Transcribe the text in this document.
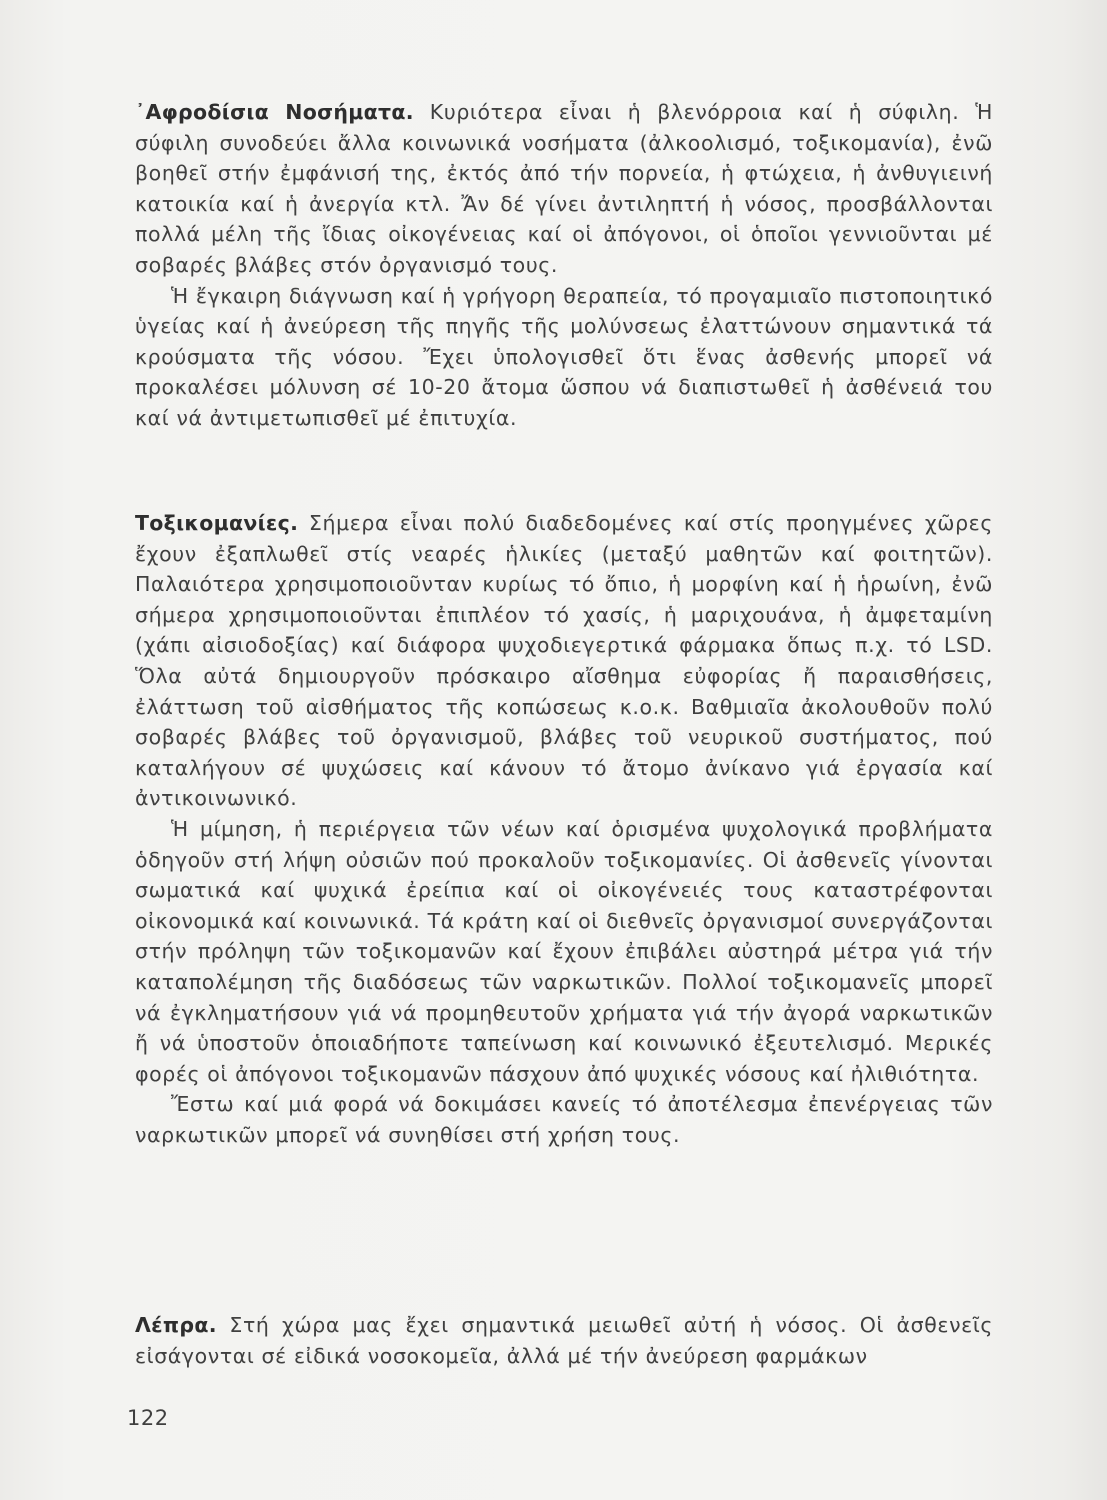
᾿Αφροδίσια Νοσήματα. Κυριότερα εἶναι ἡ βλενόρροια καί ἡ σύφιλη. Ἡ σύφιλη συνοδεύει ἄλλα κοινωνικά νοσήματα (ἀλκοολισμό, τοξικομανία), ἐνῶ βοηθεῖ στήν ἐμφάνισή της, ἐκτός ἀπό τήν πορνεία, ἡ φτώχεια, ἡ ἀνθυγιεινή κατοικία καί ἡ ἀνεργία κτλ. Ἄν δέ γίνει ἀντιληπτή ἡ νόσος, προσβάλλονται πολλά μέλη τῆς ἴδιας οἰκογένειας καί οἱ ἀπόγονοι, οἱ ὁποῖοι γεννιοῦνται μέ σοβαρές βλάβες στόν ὀργανισμό τους.

Ἡ ἔγκαιρη διάγνωση καί ἡ γρήγορη θεραπεία, τό προγαμιαῖο πιστοποιητικό ὑγείας καί ἡ ἀνεύρεση τῆς πηγῆς τῆς μολύνσεως ἐλαττώνουν σημαντικά τά κρούσματα τῆς νόσου. Ἔχει ὑπολογισθεῖ ὅτι ἕνας ἀσθενής μπορεῖ νά προκαλέσει μόλυνση σέ 10-20 ἄτομα ὥσπου νά διαπιστωθεῖ ἡ ἀσθένειά του καί νά ἀντιμετωπισθεῖ μέ ἐπιτυχία.

Τοξικομανίες. Σήμερα εἶναι πολύ διαδεδομένες καί στίς προηγμένες χῶρες ἔχουν ἐξαπλωθεῖ στίς νεαρές ἡλικίες (μεταξύ μαθητῶν καί φοιτητῶν). Παλαιότερα χρησιμοποιοῦνταν κυρίως τό ὄπιο, ἡ μορφίνη καί ἡ ἡρωίνη, ἐνῶ σήμερα χρησιμοποιοῦνται ἐπιπλέον τό χασίς, ἡ μαριχουάνα, ἡ ἀμφεταμίνη (χάπι αἰσιοδοξίας) καί διάφορα ψυχοδιεγερτικά φάρμακα ὅπως π.χ. τό LSD. Ὅλα αὐτά δημιουργοῦν πρόσκαιρο αἴσθημα εὐφορίας ἤ παραισθήσεις, ἐλάττωση τοῦ αἰσθήματος τῆς κοπώσεως κ.ο.κ. Βαθμιαῖα ἀκολουθοῦν πολύ σοβαρές βλάβες τοῦ ὀργανισμοῦ, βλάβες τοῦ νευρικοῦ συστήματος, πού καταλήγουν σέ ψυχώσεις καί κάνουν τό ἄτομο ἀνίκανο γιά ἐργασία καί ἀντικοινωνικό.

Ἡ μίμηση, ἡ περιέργεια τῶν νέων καί ὁρισμένα ψυχολογικά προβλήματα ὁδηγοῦν στή λήψη οὐσιῶν πού προκαλοῦν τοξικομανίες. Οἱ ἀσθενεῖς γίνονται σωματικά καί ψυχικά ἐρείπια καί οἱ οἰκογένειές τους καταστρέφονται οἰκονομικά καί κοινωνικά. Τά κράτη καί οἱ διεθνεῖς ὀργανισμοί συνεργάζονται στήν πρόληψη τῶν τοξικομανῶν καί ἔχουν ἐπιβάλει αὐστηρά μέτρα γιά τήν καταπολέμηση τῆς διαδόσεως τῶν ναρκωτικῶν. Πολλοί τοξικομανεῖς μπορεῖ νά ἐγκληματήσουν γιά νά προμηθευτοῦν χρήματα γιά τήν ἀγορά ναρκωτικῶν ἤ νά ὑποστοῦν ὁποιαδήποτε ταπείνωση καί κοινωνικό ἐξευτελισμό. Μερικές φορές οἱ ἀπόγονοι τοξικομανῶν πάσχουν ἀπό ψυχικές νόσους καί ἠλιθιότητα.

Ἔστω καί μιά φορά νά δοκιμάσει κανείς τό ἀποτέλεσμα ἐπενέργειας τῶν ναρκωτικῶν μπορεῖ νά συνηθίσει στή χρήση τους.

Λέπρα. Στή χώρα μας ἔχει σημαντικά μειωθεῖ αὐτή ἡ νόσος. Οἱ ἀσθενεῖς εἰσάγονται σέ εἰδικά νοσοκομεῖα, ἀλλά μέ τήν ἀνεύρεση φαρμάκων

122
